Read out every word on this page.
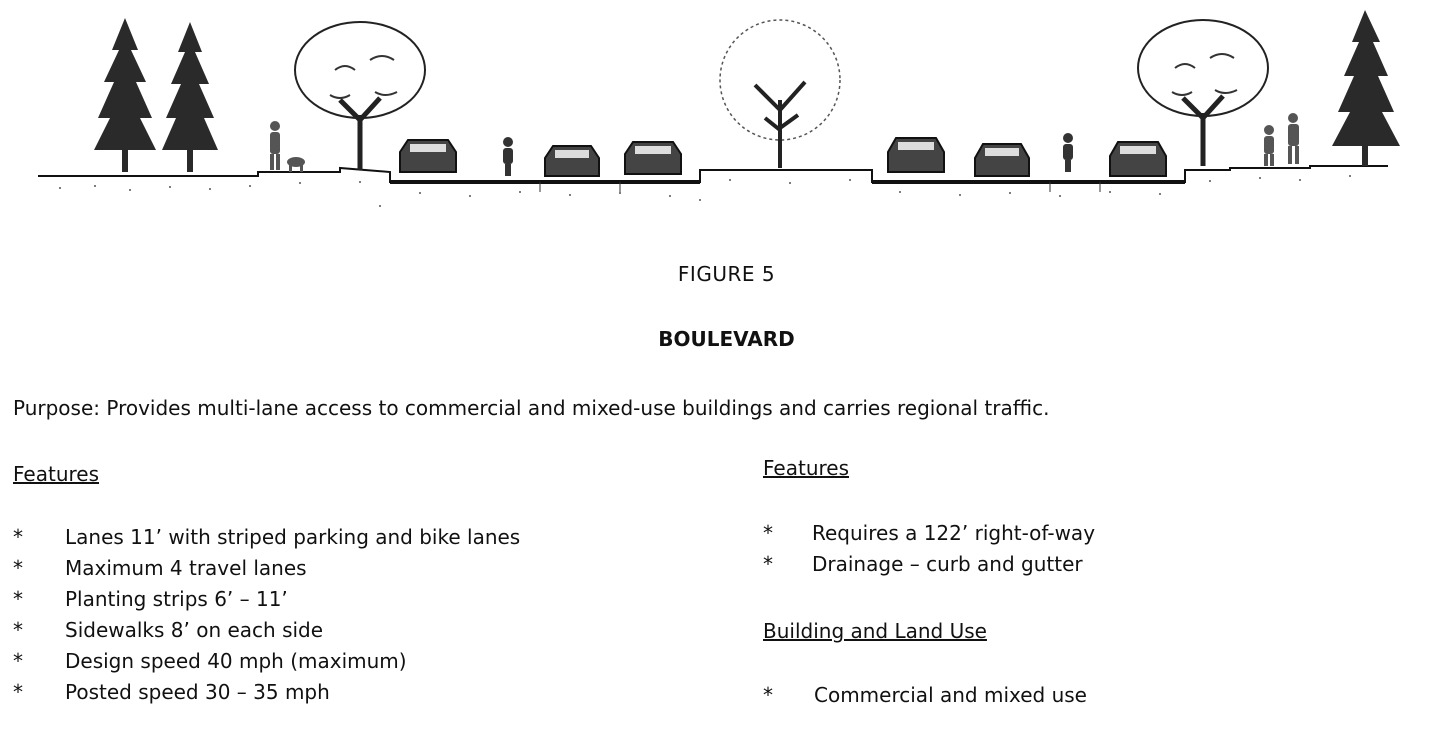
FIGURE 5
BOULEVARD
Purpose: Provides multi-lane access to commercial and mixed-use buildings and carries regional traffic.
Features
* Lanes 11’ with striped parking and bike lanes
* Maximum 4 travel lanes
* Planting strips 6’ – 11’
* Sidewalks 8’ on each side
* Design speed 40 mph (maximum)
* Posted speed 30 – 35 mph
Features
* Requires a 122’ right-of-way
* Drainage – curb and gutter
Building and Land Use
* Commercial and mixed use
